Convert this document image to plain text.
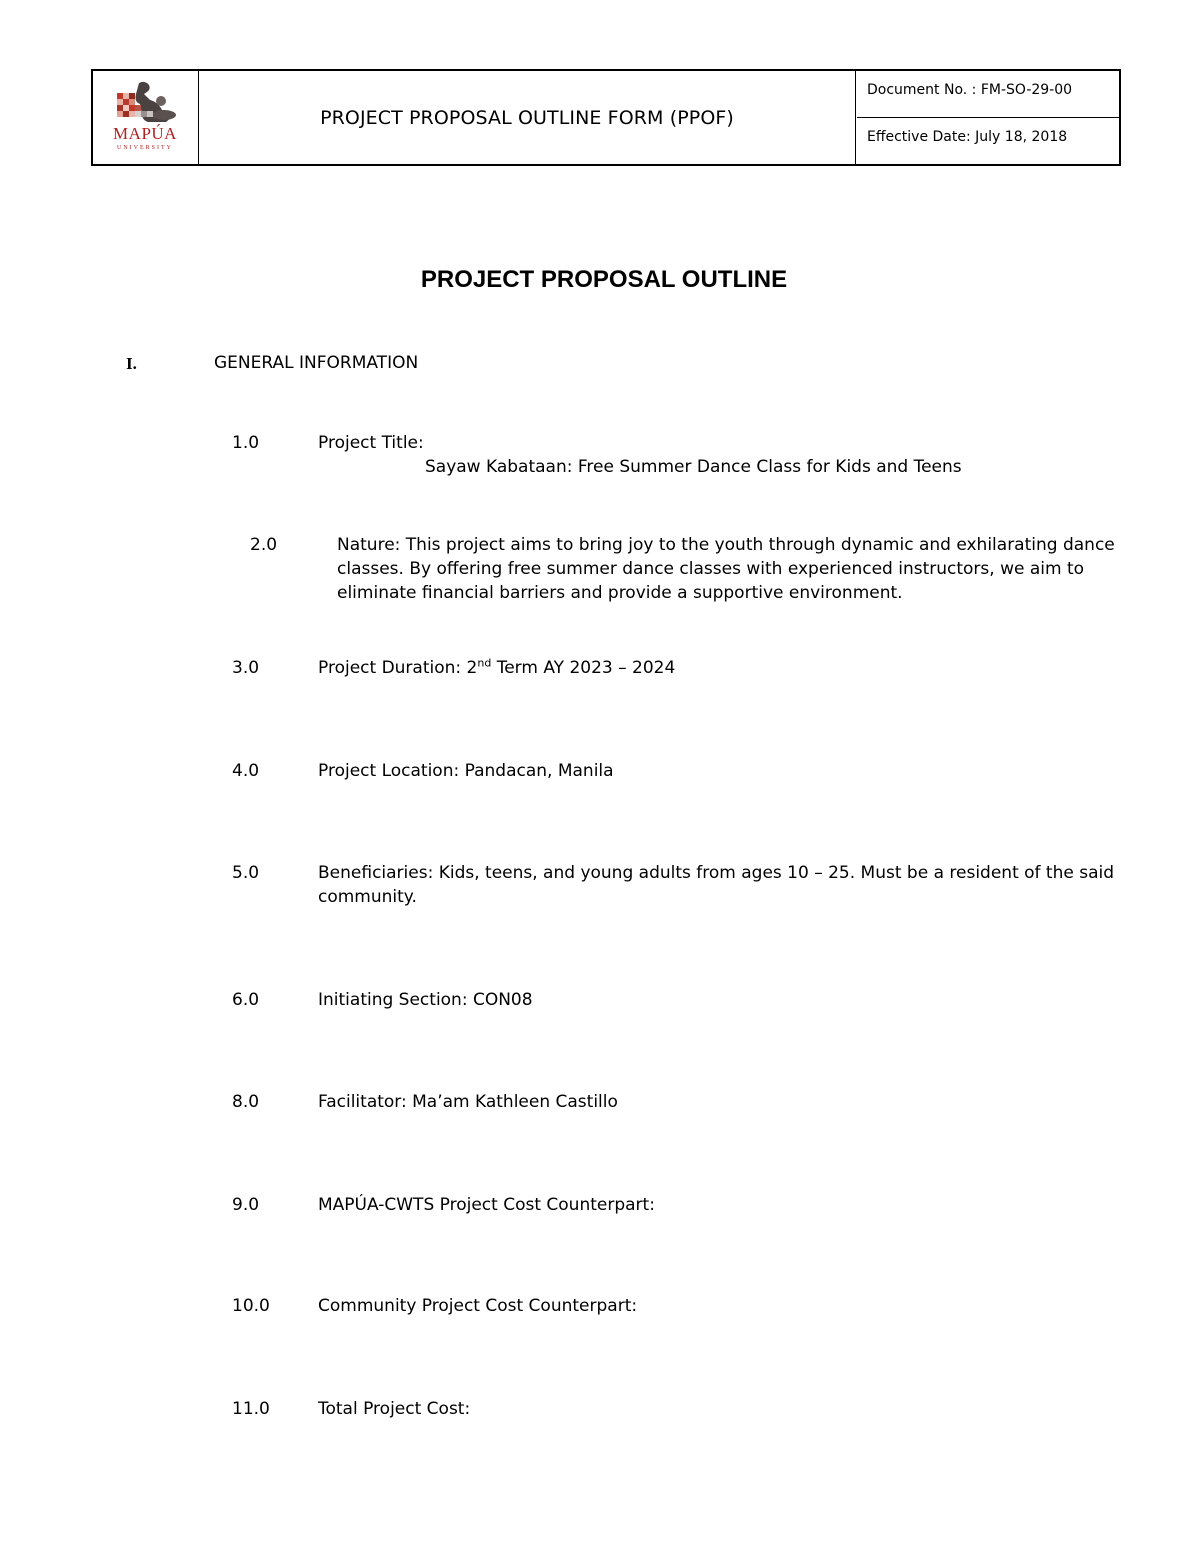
MAPÚA
UNIVERSITY
PROJECT PROPOSAL OUTLINE FORM (PPOF)
Document No. : FM-SO-29-00
Effective Date: July 18, 2018
PROJECT PROPOSAL OUTLINE
I.	GENERAL INFORMATION
1.0	Project Title:
Sayaw Kabataan: Free Summer Dance Class for Kids and Teens
2.0	Nature: This project aims to bring joy to the youth through dynamic and exhilarating dance
classes. By offering free summer dance classes with experienced instructors, we aim to
eliminate financial barriers and provide a supportive environment.
3.0	Project Duration: 2nd Term AY 2023 – 2024
4.0	Project Location: Pandacan, Manila
5.0	Beneficiaries: Kids, teens, and young adults from ages 10 – 25. Must be a resident of the said
community.
6.0	Initiating Section: CON08
8.0	Facilitator: Ma’am Kathleen Castillo
9.0	MAPÚA-CWTS Project Cost Counterpart:
10.0	Community Project Cost Counterpart:
11.0	Total Project Cost:
